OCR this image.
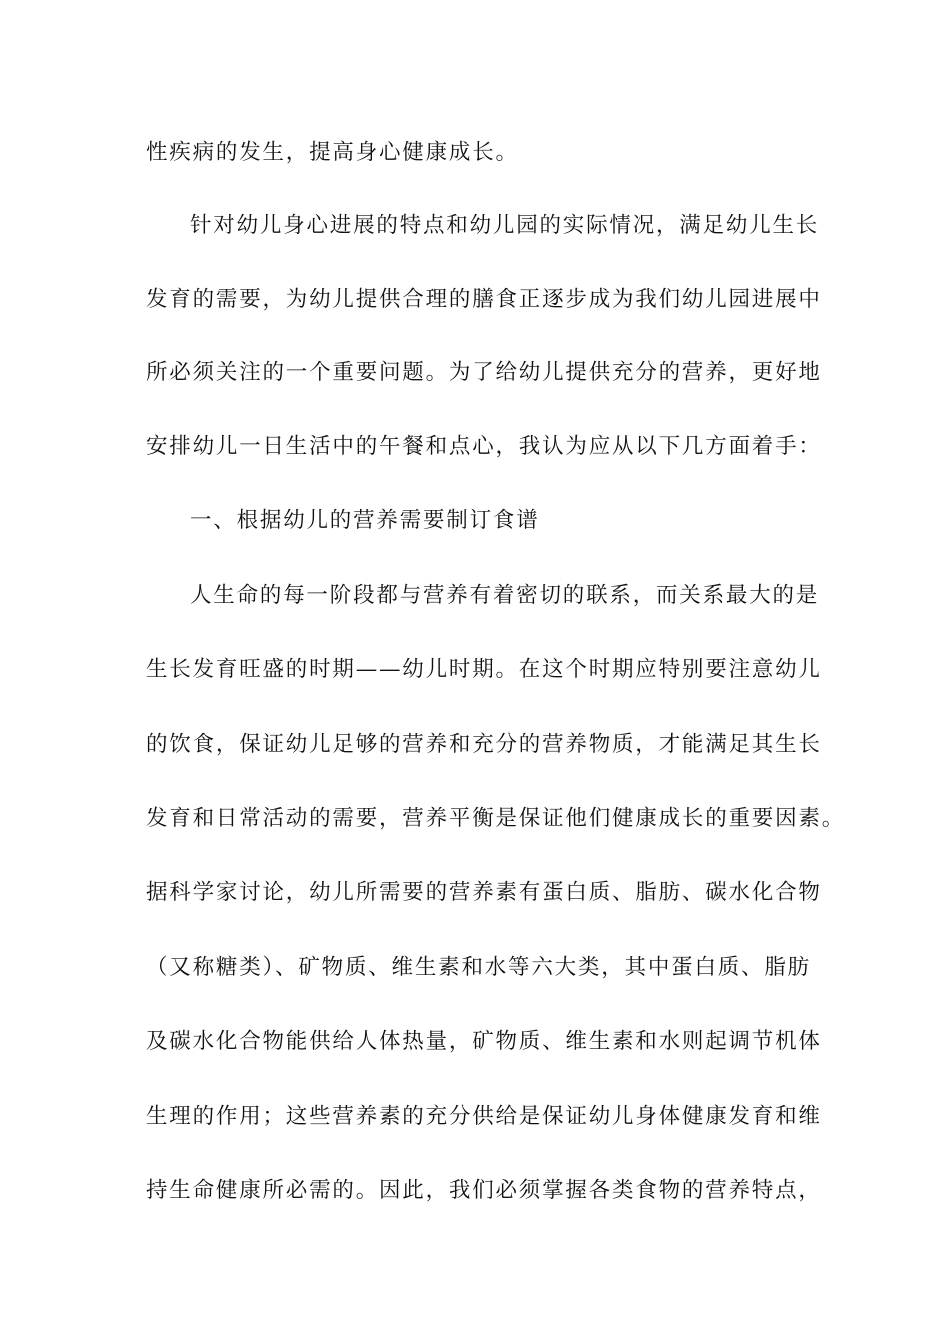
性疾病的发生，提高身心健康成长。
针对幼儿身心进展的特点和幼儿园的实际情况，满足幼儿生长
发育的需要，为幼儿提供合理的膳食正逐步成为我们幼儿园进展中
所必须关注的一个重要问题。为了给幼儿提供充分的营养，更好地
安排幼儿一日生活中的午餐和点心，我认为应从以下几方面着手：
一、根据幼儿的营养需要制订食谱
人生命的每一阶段都与营养有着密切的联系，而关系最大的是
生长发育旺盛的时期——幼儿时期。在这个时期应特别要注意幼儿
的饮食，保证幼儿足够的营养和充分的营养物质，才能满足其生长
发育和日常活动的需要，营养平衡是保证他们健康成长的重要因素。
据科学家讨论，幼儿所需要的营养素有蛋白质、脂肪、碳水化合物
（又称糖类）、矿物质、维生素和水等六大类，其中蛋白质、脂肪
及碳水化合物能供给人体热量，矿物质、维生素和水则起调节机体
生理的作用；这些营养素的充分供给是保证幼儿身体健康发育和维
持生命健康所必需的。因此，我们必须掌握各类食物的营养特点，
